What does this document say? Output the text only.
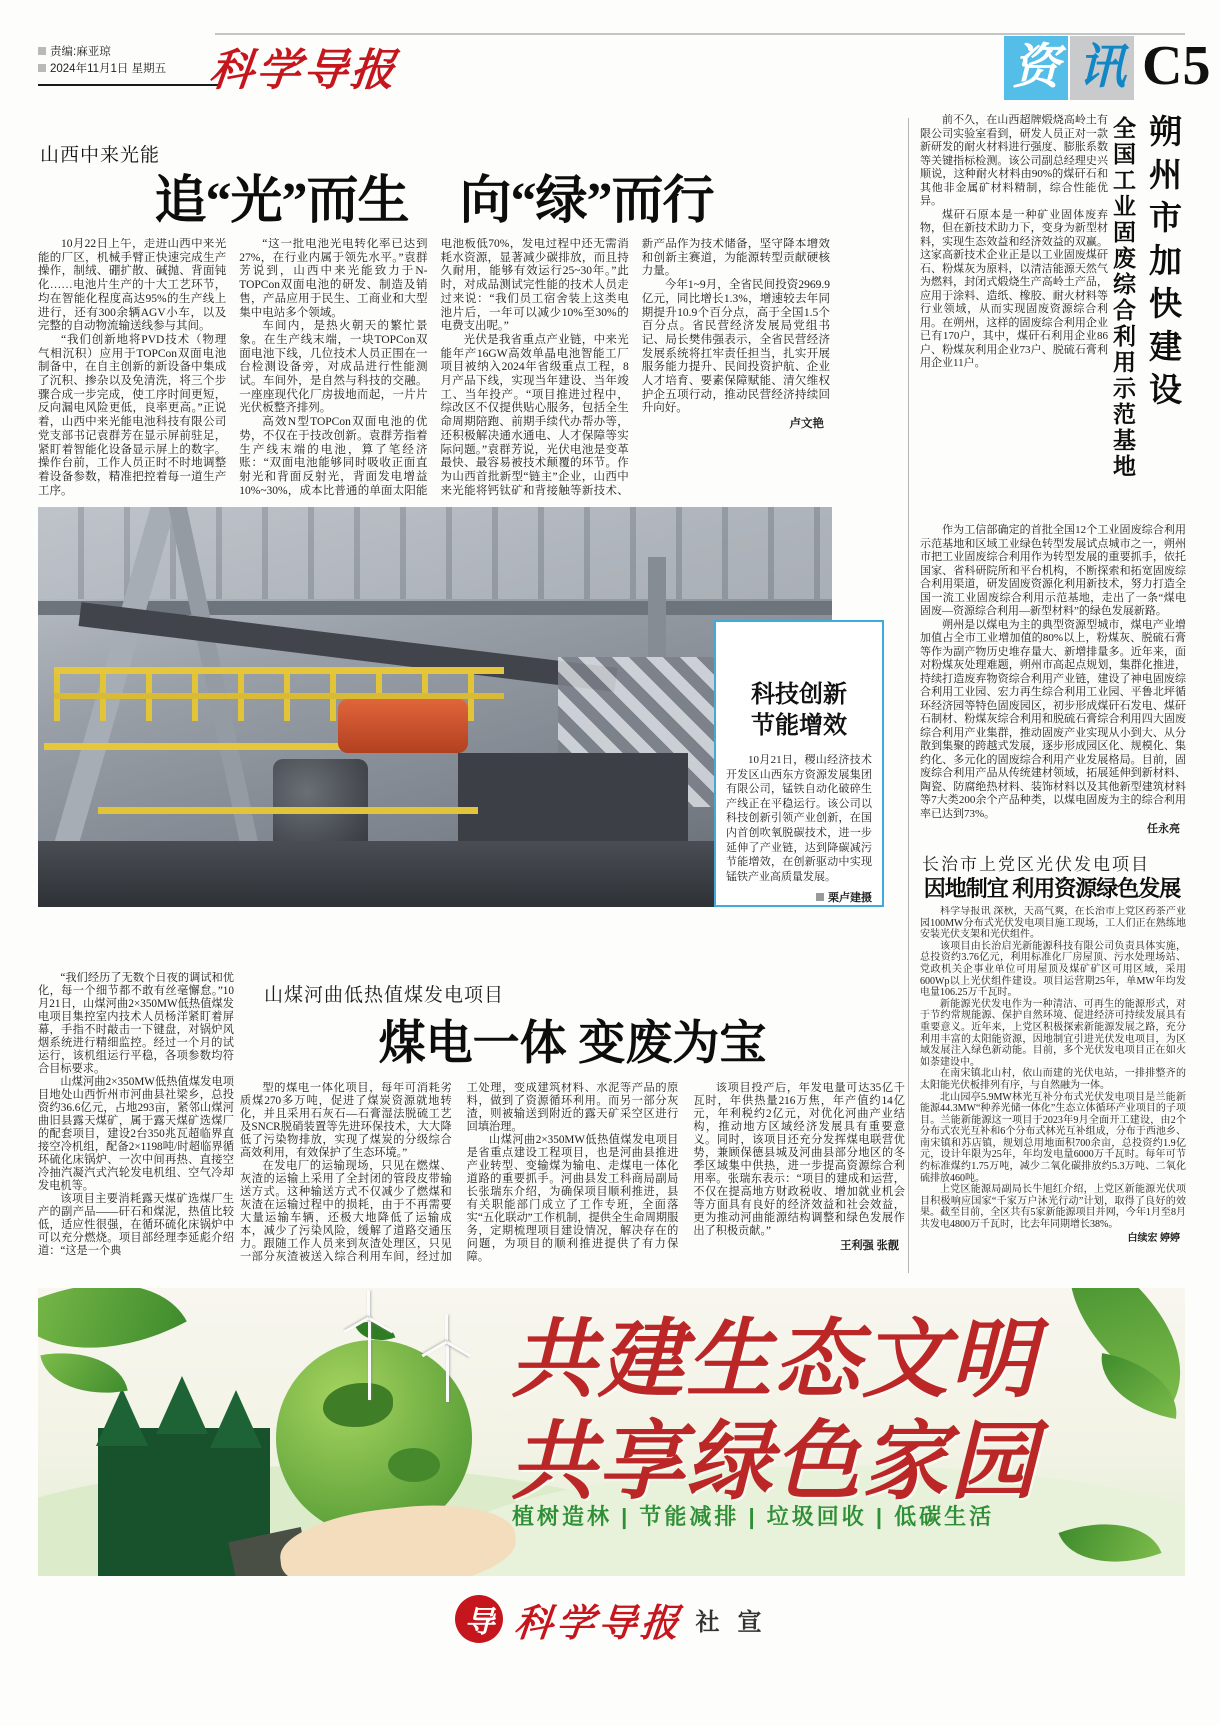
责编:麻亚琼
2024年11月1日 星期五 科学导报	资 讯 C5
山西中来光能
追“光”而生　向“绿”而行

10月22日上午，走进山西中来光能的厂区，机械手臂正快速完成生产操作，制绒、硼扩散、碱抛、背面钝化……电池片生产的十大工艺环节，均在智能化程度高达95%的生产线上进行，还有300余辆AGV小车，以及完整的自动物流输送线参与其间。

“我们创新地将PVD技术（物理气相沉积）应用于TOPCon双面电池制备中，在自主创新的新设备中集成了沉积、掺杂以及免清洗，将三个步骤合成一步完成，使工序时间更短，反向漏电风险更低，良率更高。”正说着，山西中来光能电池科技有限公司党支部书记袁群芳在显示屏前驻足，紧盯着智能化设备显示屏上的数字。操作台前，工作人员正时不时地调整着设备参数，精准把控着每一道生产工序。

“这一批电池光电转化率已达到27%，在行业内属于领先水平。”袁群芳说到，山西中来光能致力于N-TOPCon双面电池的研发、制造及销售，产品应用于民生、工商业和大型集中电站多个领域。

车间内，是热火朝天的繁忙景象。在生产线末端，一块TOPCon双面电池下线，几位技术人员正围在一台检测设备旁，对成品进行性能测试。车间外，是自然与科技的交融。一座座现代化厂房拔地而起，一片片光伏板整齐排列。

高效N型TOPCon双面电池的优势，不仅在于技改创新。袁群芳指着生产线末端的电池，算了笔经济账：“双面电池能够同时吸收正面直射光和背面反射光，背面发电增益10%~30%，成本比普通的单面太阳能电池板低70%，发电过程中还无需消耗水资源，显著减少碳排放，而且持久耐用，能够有效运行25~30年。”此时，对成品测试完性能的技术人员走过来说：“我们员工宿舍装上这类电池片后，一年可以减少10%至30%的电费支出呢。”

光伏是我省重点产业链，中来光能年产16GW高效单晶电池智能工厂项目被纳入2024年省级重点工程，8月产品下线，实现当年建设、当年竣工、当年投产。“项目推进过程中，综改区不仅提供贴心服务，包括全生命周期陪跑、前期手续代办帮办等，还积极解决通水通电、人才保障等实际问题。”袁群芳说，光伏电池是变革最快、最容易被技术颠覆的环节。作为山西首批新型“链主”企业，山西中来光能将钙钛矿和背接触等新技术、新产品作为技术储备，坚守降本增效和创新主赛道，为能源转型贡献硬核力量。

今年1~9月，全省民间投资2969.9亿元，同比增长1.3%，增速较去年同期提升10.9个百分点，高于全国1.5个百分点。省民营经济发展局党组书记、局长樊伟强表示，全省民营经济发展系统将扛牢责任担当，扎实开展服务能力提升、民间投资护航、企业人才培育、要素保障赋能、清欠维权护企五项行动，推动民营经济持续回升向好。

卢文艳
科技创新
节能增效
10月21日，稷山经济技术开发区山西东方资源发展集团有限公司，锰铁自动化破碎生产线正在平稳运行。该公司以科技创新引领产业创新，在国内首创吹氧脱碳技术，进一步延伸了产业链，达到降碳减污节能增效，在创新驱动中实现锰铁产业高质量发展。
栗卢建摄

“我们经历了无数个日夜的调试和优化，每一个细节都不敢有丝毫懈怠。”10月21日，山煤河曲2×350MW低热值煤发电项目集控室内技术人员杨洋紧盯着屏幕，手指不时敲击一下键盘，对锅炉风烟系统进行精细监控。经过一个月的试运行，该机组运行平稳，各项参数均符合目标要求。

山煤河曲2×350MW低热值煤发电项目地处山西忻州市河曲县社梁乡，总投资约36.6亿元，占地293亩，紧邻山煤河曲旧县露天煤矿，属于露天煤矿选煤厂的配套项目，建设2台350兆瓦超临界直接空冷机组，配备2×1198吨/时超临界循环硫化床锅炉、一次中间再热、直接空冷抽汽凝汽式汽轮发电机组、空气冷却发电机等。

该项目主要消耗露天煤矿选煤厂生产的副产品——矸石和煤泥，热值比较低，适应性很强，在循环硫化床锅炉中可以充分燃烧。项目部经理李延彪介绍道：“这是一个典

山煤河曲低热值煤发电项目
煤电一体 变废为宝

型的煤电一体化项目，每年可消耗劣质煤270多万吨，促进了煤炭资源就地转化，并且采用石灰石—石膏湿法脱硫工艺及SNCR脱硝装置等先进环保技术，大大降低了污染物排放，实现了煤炭的分级综合高效利用，有效保护了生态环境。”

在发电厂的运输现场，只见在燃煤、灰渣的运输上采用了全封闭的管段皮带输送方式。这种输送方式不仅减少了燃煤和灰渣在运输过程中的损耗，由于不再需要大量运输车辆，还极大地降低了运输成本，减少了污染风险，缓解了道路交通压力。跟随工作人员来到灰渣处理区，只见一部分灰渣被送入综合利用车间，经过加工处理，变成建筑材料、水泥等产品的原料，做到了资源循环利用。而另一部分灰渣，则被输送到附近的露天矿采空区进行回填治理。

山煤河曲2×350MW低热值煤发电项目是省重点建设工程项目，也是河曲县推进产业转型、变输煤为输电、走煤电一体化道路的重要抓手。河曲县发工科商局副局长张瑞东介绍，为确保项目顺利推进，县有关职能部门成立了工作专班，全面落实“五化联动”工作机制，提供全生命周期服务，定期梳理项目建设情况，解决存在的问题，为项目的顺利推进提供了有力保障。

该项目投产后，年发电量可达35亿千瓦时，年供热量216万焦，年产值约14亿元，年利税约2亿元，对优化河曲产业结构，推动地方区域经济发展具有重要意义。同时，该项目还充分发挥煤电联营优势，兼顾保德县城及河曲县部分地区的冬季区域集中供热，进一步提高资源综合利用率。张瑞东表示：“项目的建成和运营，不仅在提高地方财政税收、增加就业机会等方面具有良好的经济效益和社会效益，更为推动河曲能源结构调整和绿色发展作出了积极贡献。”

王利强 张靓

前不久，在山西超牌煅烧高岭土有限公司实验室看到，研发人员正对一款新研发的耐火材料进行强度、膨胀系数等关键指标检测。该公司副总经理史兴顺说，这种耐火材料由90%的煤矸石和其他非金属矿材料精制，综合性能优异。

煤矸石原本是一种矿业固体废弃物，但在新技术助力下，变身为新型材料，实现生态效益和经济效益的双赢。这家高新技术企业正是以工业固废煤矸石、粉煤灰为原料，以清洁能源天然气为燃料，封闭式煅烧生产高岭土产品，应用于涂料、造纸、橡胶、耐火材料等行业领域，从而实现固废资源综合利用。在朔州，这样的固废综合利用企业已有170户，其中，煤矸石利用企业86户、粉煤灰利用企业73户、脱硫石膏利用企业11户。	朔州市加快建设
全国工业固废综合利用示范基地

作为工信部确定的首批全国12个工业固废综合利用示范基地和区域工业绿色转型发展试点城市之一，朔州市把工业固废综合利用作为转型发展的重要抓手，依托国家、省科研院所和平台机构，不断探索和拓宽固废综合利用渠道，研发固废资源化利用新技术，努力打造全国一流工业固废综合利用示范基地，走出了一条“煤电固废—资源综合利用—新型材料”的绿色发展新路。

朔州是以煤电为主的典型资源型城市，煤电产业增加值占全市工业增加值的80%以上，粉煤灰、脱硫石膏等作为副产物历史堆存量大、新增排量多。近年来，面对粉煤灰处理难题，朔州市高起点规划，集群化推进，持续打造废弃物资综合利用产业链，建设了神电固废综合利用工业园、宏力再生综合利用工业园、平鲁北坪循环经济园等特色固废园区，初步形成煤矸石发电、煤矸石制材、粉煤灰综合利用和脱硫石膏综合利用四大固废综合利用产业集群，推动固废产业实现从小到大、从分散到集聚的跨越式发展，逐步形成园区化、规模化、集约化、多元化的固废综合利用产业发展格局。目前，固废综合利用产品从传统建材领域，拓展延伸到新材料、陶瓷、防腐绝热材料、装饰材料以及其他新型建筑材料等7大类200余个产品种类，以煤电固废为主的综合利用率已达到73%。

任永亮
长治市上党区光伏发电项目
因地制宜 利用资源绿色发展

科学导报讯 深秋，天高气爽，在长治市上党区药茶产业园100MW分布式光伏发电项目施工现场，工人们正在熟练地安装光伏支架和光伏组件。

该项目由长治启光新能源科技有限公司负责具体实施，总投资约3.76亿元，利用标准化厂房屋顶、污水处理场站、党政机关企事业单位可用屋顶及煤矿矿区可用区域，采用600Wp以上光伏组件建设。项目运营期25年，单MW年均发电量106.25万千瓦时。

新能源光伏发电作为一种清洁、可再生的能源形式，对于节约常规能源、保护自然环境、促进经济可持续发展具有重要意义。近年来，上党区积极探索新能源发展之路，充分利用丰富的太阳能资源，因地制宜引进光伏发电项目，为区域发展注入绿色新动能。目前，多个光伏发电项目正在如火如荼建设中。

在南宋镇北山村，依山而建的光伏电站，一排排整齐的太阳能光伏板排列有序，与自然融为一体。

北山园亭5.9MW林光互补分布式光伏发电项目是兰能新能源44.3MW“种养光储一体化”生态立体循环产业项目的子项目。兰能新能源这一项目于2023年9月全面开工建设，由2个分布式农光互补和6个分布式林光互补组成，分布于西池乡、南宋镇和苏店镇，规划总用地面积700余亩，总投资约1.9亿元，设计年限为25年，年均发电量6000万千瓦时。每年可节约标准煤约1.75万吨，减少二氧化碳排放约5.3万吨、二氧化硫排放460吨。

上党区能源局副局长牛旭红介绍，上党区新能源光伏项目积极响应国家“千家万户沐光行动”计划，取得了良好的效果。截至目前，全区共有5家新能源项目并网，今年1月至8月共发电4800万千瓦时，比去年同期增长38%。

白续宏 婷婷
共建生态文明
共享绿色家园
植树造林 | 节能减排 | 垃圾回收 | 低碳生活
导 科学导报 社 宣
